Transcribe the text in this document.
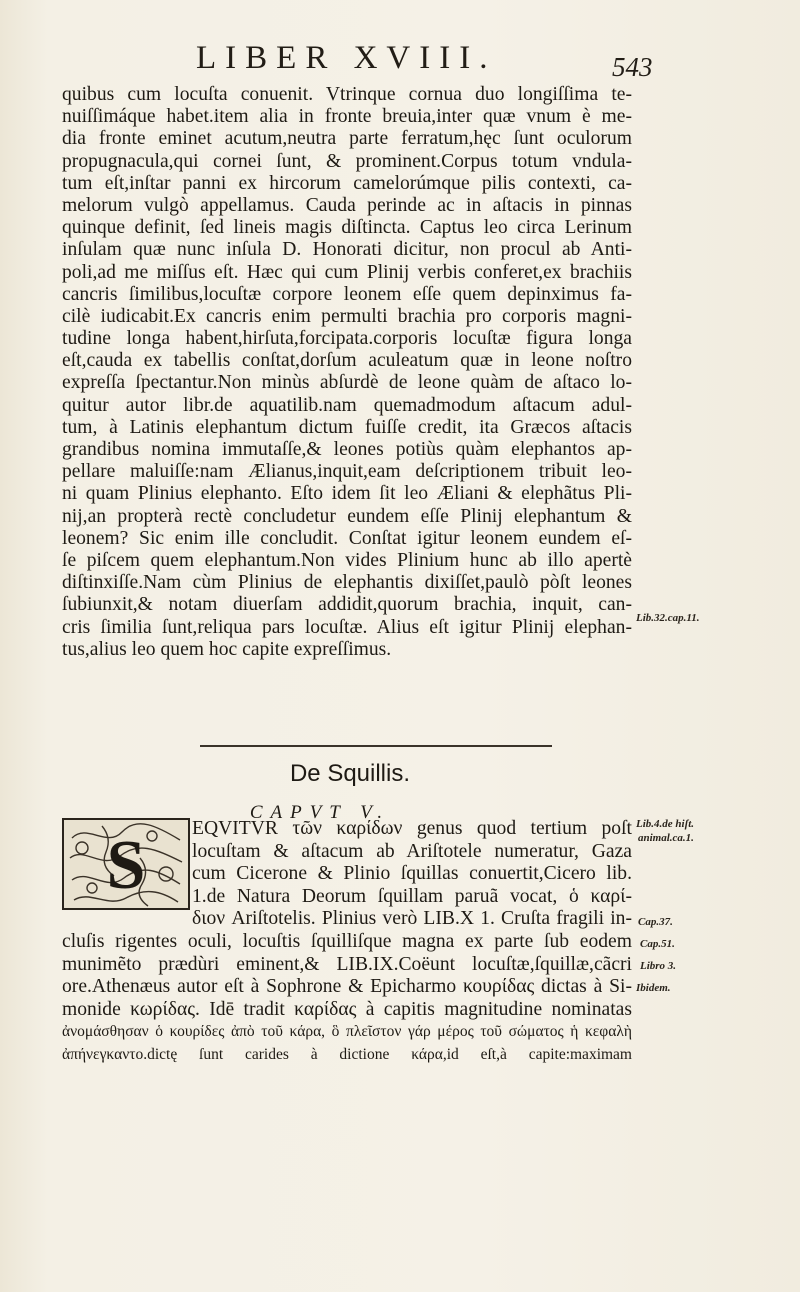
LIBER XVIII.	543
quibus cum locuſta conuenit. Vtrinque cornua duo longiſſima te-
nuiſſimáque habet.item alia in fronte breuia,inter quæ vnum è me-
dia fronte eminet acutum,neutra parte ferratum,hęc ſunt oculorum
propugnacula,qui cornei ſunt, & prominent.Corpus totum vndula-
tum eſt,inſtar panni ex hircorum camelorúmque pilis contexti, ca-
melorum vulgò appellamus. Cauda perinde ac in aſtacis in pinnas
quinque definit, ſed lineis magis diſtincta. Captus leo circa Lerinum
inſulam quæ nunc inſula D. Honorati dicitur, non procul ab Anti-
poli,ad me miſſus eſt. Hæc qui cum Plinij verbis conferet,ex brachiis
cancris ſimilibus,locuſtæ corpore leonem eſſe quem depinximus fa-
cilè iudicabit.Ex cancris enim permulti brachia pro corporis magni-
tudine longa habent,hirſuta,forcipata.corporis locuſtæ figura longa
eſt,cauda ex tabellis conſtat,dorſum aculeatum quæ in leone noſtro
expreſſa ſpectantur.Non minùs abſurdè de leone quàm de aſtaco lo-
quitur autor libr.de aquatilib.nam quemadmodum aſtacum adul-
tum, à Latinis elephantum dictum fuiſſe credit, ita Græcos aſtacis
grandibus nomina immutaſſe,& leones potiùs quàm elephantos ap-
pellare maluiſſe:nam Ælianus,inquit,eam deſcriptionem tribuit leo-
ni quam Plinius elephanto. Eſto idem ſit leo Æliani & elephãtus Pli-
nij,an propterà rectè concludetur eundem eſſe Plinij elephantum &
leonem? Sic enim ille concludit. Conſtat igitur leonem eundem eſ-
ſe piſcem quem elephantum.Non vides Plinium hunc ab illo apertè
diſtinxiſſe.Nam cùm Plinius de elephantis dixiſſet,paulò pòſt leones
ſubiunxit,& notam diuerſam addidit,quorum brachia, inquit, can-
cris ſimilia ſunt,reliqua pars locuſtæ. Alius eſt igitur Plinij elephan-
tus,alius leo quem hoc capite expreſſimus.
Lib.32.cap.11.
Lib.4.de hiſt.
animal.ca.1.
Cap.37.
Cap.51.
Libro 3.
Ibidem.
De Squillis.
CAPVT V.
S	EQVITVR τῶν καρίδων genus quod tertium poſt
locuſtam & aſtacum ab Ariſtotele numeratur, Gaza
cum Cicerone & Plinio ſquillas conuertit,Cicero lib.
1.de Natura Deorum ſquillam paruã vocat, ὁ καρί-
διον Ariſtotelis. Plinius verò LIB.X 1. Cruſta fragili in-
cluſis rigentes oculi, locuſtis ſquilliſque magna ex parte ſub eodem
munimẽto prædùri eminent,& LIB.IX.Coëunt locuſtæ,ſquillæ,cãcri
ore.Athenæus autor eſt à Sophrone & Epicharmo κουρίδας dictas à Si-
monide κωρίδας. Idē tradit καρίδας à capitis magnitudine nominatas
ἀνομάσθησαν ὁ κουρίδες ἀπὸ τοῦ κάρα, ὃ πλεῖστον γάρ μέρος τοῦ σώματος ἡ κεφαλὴ
ἀπήνεγκαντο.dictę ſunt carides à dictione κάρα,id eſt,à capite:maximam
